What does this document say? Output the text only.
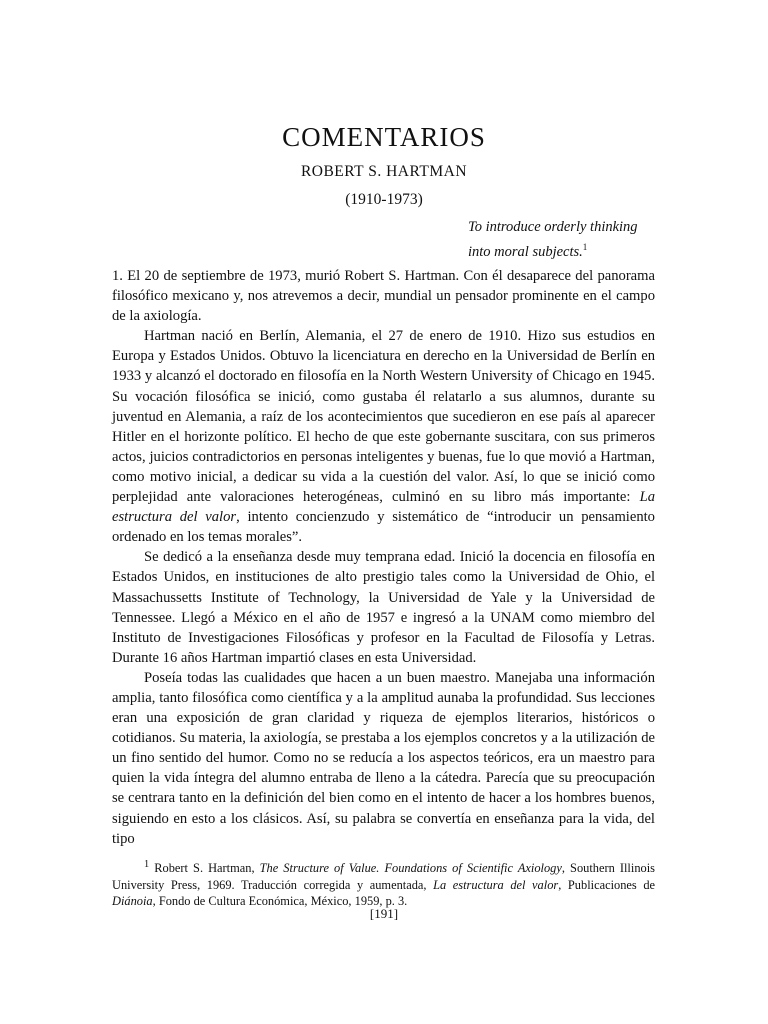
COMENTARIOS
ROBERT S. HARTMAN
(1910-1973)
To introduce orderly thinking
into moral subjects.$^1$

1. El 20 de septiembre de 1973, murió Robert S. Hartman. Con él desaparece del panorama filosófico mexicano y, nos atrevemos a decir, mundial un pensador prominente en el campo de la axiología.

Hartman nació en Berlín, Alemania, el 27 de enero de 1910. Hizo sus estudios en Europa y Estados Unidos. Obtuvo la licenciatura en derecho en la Universidad de Berlín en 1933 y alcanzó el doctorado en filosofía en la North Western University of Chicago en 1945. Su vocación filosófica se inició, como gustaba él relatarlo a sus alumnos, durante su juventud en Alemania, a raíz de los acontecimientos que sucedieron en ese país al aparecer Hitler en el horizonte político. El hecho de que este gobernante suscitara, con sus primeros actos, juicios contradictorios en personas inteligentes y buenas, fue lo que movió a Hartman, como motivo inicial, a dedicar su vida a la cuestión del valor. Así, lo que se inició como perplejidad ante valoraciones heterogéneas, culminó en su libro más importante: La estructura del valor, intento concienzudo y sistemático de “introducir un pensamiento ordenado en los temas morales”.

Se dedicó a la enseñanza desde muy temprana edad. Inició la docencia en filosofía en Estados Unidos, en instituciones de alto prestigio tales como la Universidad de Ohio, el Massachussetts Institute of Technology, la Universidad de Yale y la Universidad de Tennessee. Llegó a México en el año de 1957 e ingresó a la UNAM como miembro del Instituto de Investigaciones Filosóficas y profesor en la Facultad de Filosofía y Letras. Durante 16 años Hartman impartió clases en esta Universidad.

Poseía todas las cualidades que hacen a un buen maestro. Manejaba una información amplia, tanto filosófica como científica y a la amplitud aunaba la profundidad. Sus lecciones eran una exposición de gran claridad y riqueza de ejemplos literarios, históricos o cotidianos. Su materia, la axiología, se prestaba a los ejemplos concretos y a la utilización de un fino sentido del humor. Como no se reducía a los aspectos teóricos, era un maestro para quien la vida íntegra del alumno entraba de lleno a la cátedra. Parecía que su preocupación se centrara tanto en la definición del bien como en el intento de hacer a los hombres buenos, siguiendo en esto a los clásicos. Así, su palabra se convertía en enseñanza para la vida, del tipo

$^1$ Robert S. Hartman, The Structure of Value. Foundations of Scientific Axiology, Southern Illinois University Press, 1969. Traducción corregida y aumentada, La estructura del valor, Publicaciones de Diánoia, Fondo de Cultura Económica, México, 1959, p. 3.

[191]
